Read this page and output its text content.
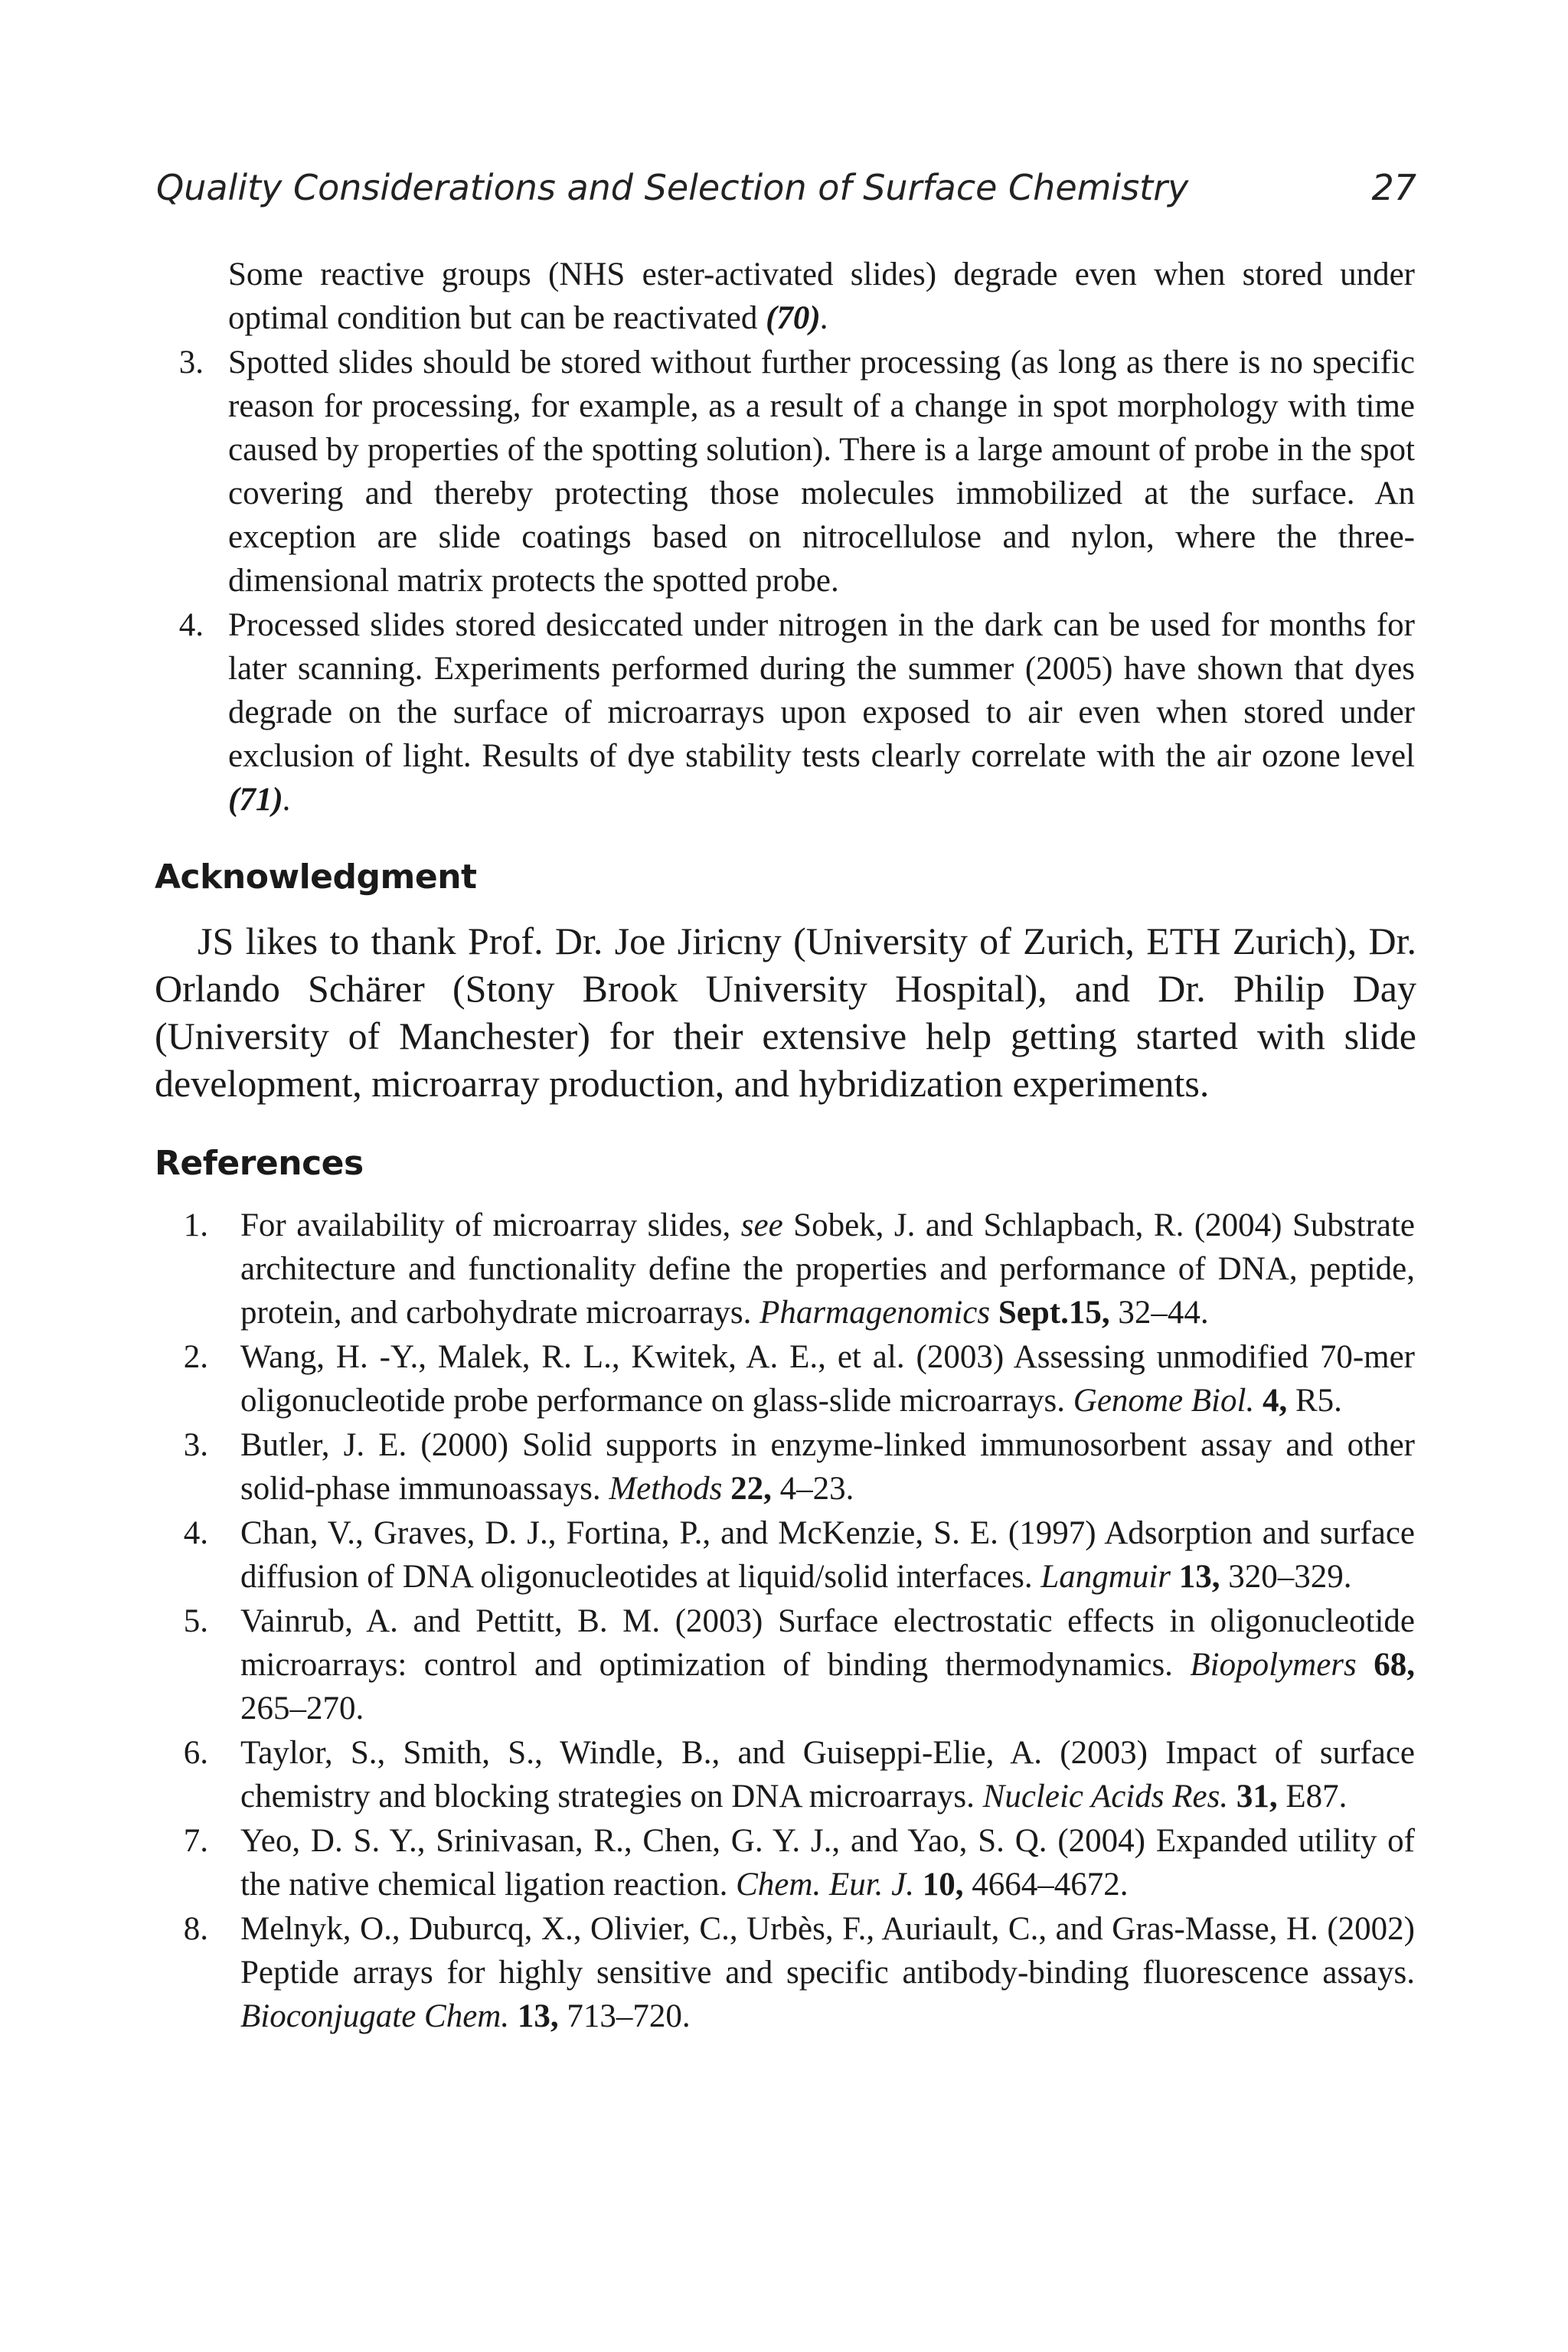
Quality Considerations and Selection of Surface Chemistry	27
Some reactive groups (NHS ester-activated slides) degrade even when stored under optimal condition but can be reactivated (70).
3. Spotted slides should be stored without further processing (as long as there is no specific reason for processing, for example, as a result of a change in spot morphology with time caused by properties of the spotting solution). There is a large amount of probe in the spot covering and thereby protecting those molecules immobilized at the surface. An exception are slide coatings based on nitrocellulose and nylon, where the three-dimensional matrix protects the spotted probe.
4. Processed slides stored desiccated under nitrogen in the dark can be used for months for later scanning. Experiments performed during the summer (2005) have shown that dyes degrade on the surface of microarrays upon exposed to air even when stored under exclusion of light. Results of dye stability tests clearly correlate with the air ozone level (71).
Acknowledgment
JS likes to thank Prof. Dr. Joe Jiricny (University of Zurich, ETH Zurich), Dr. Orlando Schärer (Stony Brook University Hospital), and Dr. Philip Day (University of Manchester) for their extensive help getting started with slide development, microarray production, and hybridization experiments.
References
1. For availability of microarray slides, see Sobek, J. and Schlapbach, R. (2004) Substrate architecture and functionality define the properties and performance of DNA, peptide, protein, and carbohydrate microarrays. Pharmagenomics Sept.15, 32–44.
2. Wang, H. -Y., Malek, R. L., Kwitek, A. E., et al. (2003) Assessing unmodified 70-mer oligonucleotide probe performance on glass-slide microarrays. Genome Biol. 4, R5.
3. Butler, J. E. (2000) Solid supports in enzyme-linked immunosorbent assay and other solid-phase immunoassays. Methods 22, 4–23.
4. Chan, V., Graves, D. J., Fortina, P., and McKenzie, S. E. (1997) Adsorption and surface diffusion of DNA oligonucleotides at liquid/solid interfaces. Langmuir 13, 320–329.
5. Vainrub, A. and Pettitt, B. M. (2003) Surface electrostatic effects in oligonucleotide microarrays: control and optimization of binding thermodynamics. Biopolymers 68, 265–270.
6. Taylor, S., Smith, S., Windle, B., and Guiseppi-Elie, A. (2003) Impact of surface chemistry and blocking strategies on DNA microarrays. Nucleic Acids Res. 31, E87.
7. Yeo, D. S. Y., Srinivasan, R., Chen, G. Y. J., and Yao, S. Q. (2004) Expanded utility of the native chemical ligation reaction. Chem. Eur. J. 10, 4664–4672.
8. Melnyk, O., Duburcq, X., Olivier, C., Urbès, F., Auriault, C., and Gras-Masse, H. (2002) Peptide arrays for highly sensitive and specific antibody-binding fluorescence assays. Bioconjugate Chem. 13, 713–720.
